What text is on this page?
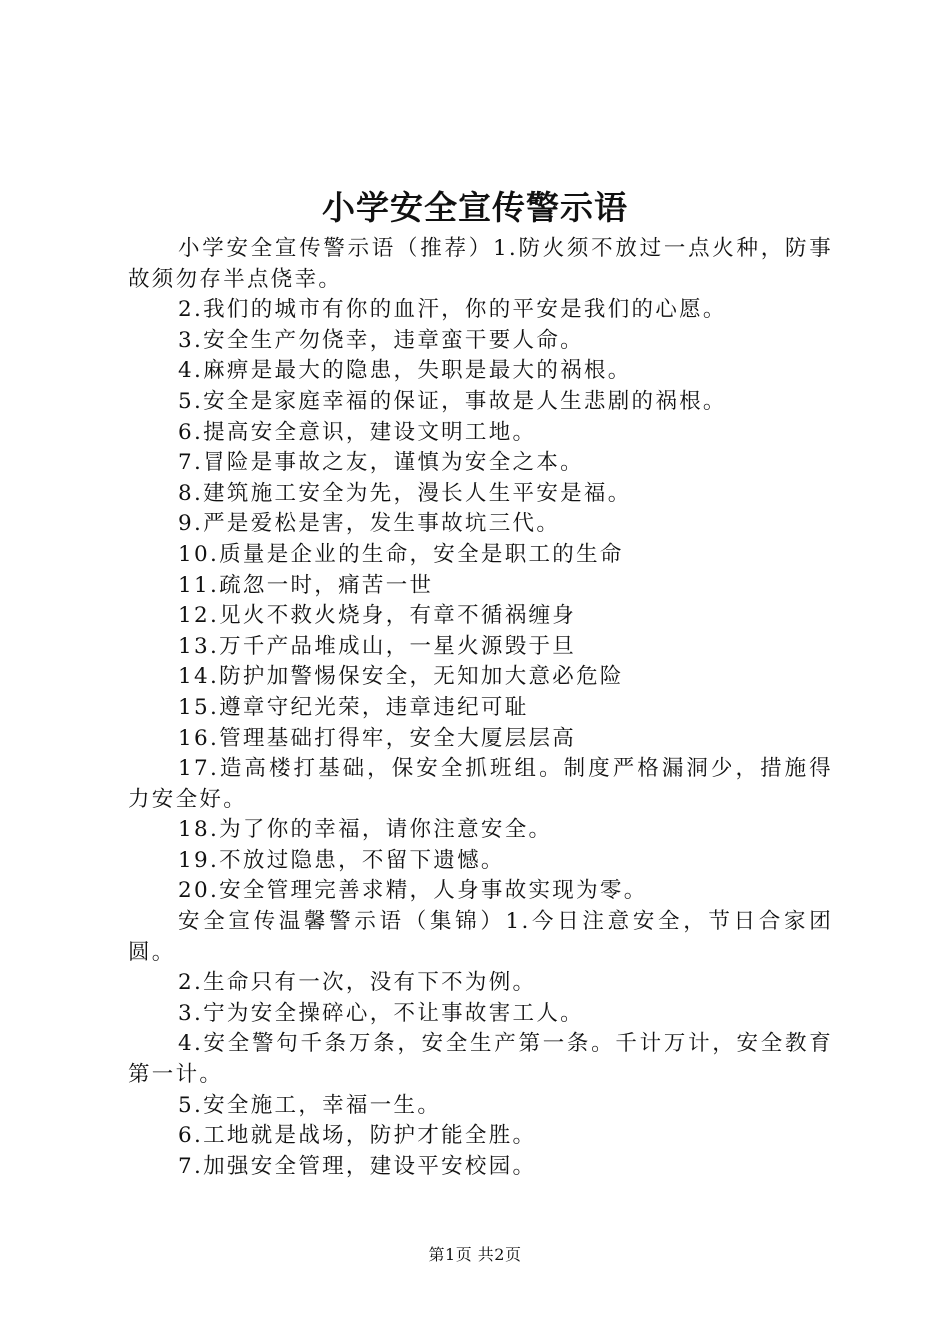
小学安全宣传警示语

小学安全宣传警示语（推荐）1.防火须不放过一点火种，防事故须勿存半点侥幸。

2.我们的城市有你的血汗，你的平安是我们的心愿。

3.安全生产勿侥幸，违章蛮干要人命。

4.麻痹是最大的隐患，失职是最大的祸根。

5.安全是家庭幸福的保证，事故是人生悲剧的祸根。

6.提高安全意识，建设文明工地。

7.冒险是事故之友，谨慎为安全之本。

8.建筑施工安全为先，漫长人生平安是福。

9.严是爱松是害，发生事故坑三代。

10.质量是企业的生命，安全是职工的生命

11.疏忽一时，痛苦一世

12.见火不救火烧身，有章不循祸缠身

13.万千产品堆成山，一星火源毁于旦

14.防护加警惕保安全，无知加大意必危险

15.遵章守纪光荣，违章违纪可耻

16.管理基础打得牢，安全大厦层层高

17.造高楼打基础，保安全抓班组。制度严格漏洞少，措施得力安全好。

18.为了你的幸福，请你注意安全。

19.不放过隐患，不留下遗憾。

20.安全管理完善求精，人身事故实现为零。

安全宣传温馨警示语（集锦）1.今日注意安全，节日合家团圆。

2.生命只有一次，没有下不为例。

3.宁为安全操碎心，不让事故害工人。

4.安全警句千条万条，安全生产第一条。千计万计，安全教育第一计。

5.安全施工，幸福一生。

6.工地就是战场，防护才能全胜。

7.加强安全管理，建设平安校园。

第1页 共2页
